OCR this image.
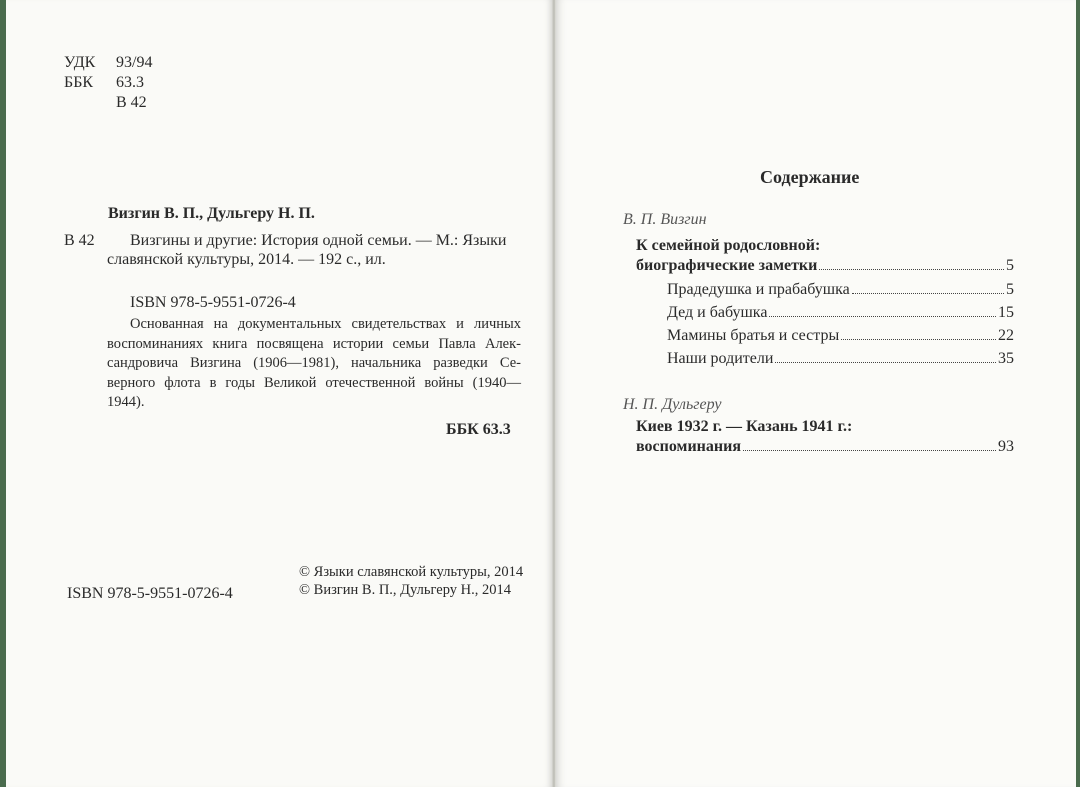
УДК 93/94
ББК 63.3
В 42
Визгин В. П., Дульгеру Н. П.
В 42 Визгины и другие: История одной семьи. — М.: Языки
славянской культуры, 2014. — 192 с., ил.
ISBN 978-5-9551-0726-4
Основанная на документальных свидетельствах и личных
воспоминаниях книга посвящена истории семьи Павла Алек-
сандровича Визгина (1906—1981), начальника разведки Се-
верного флота в годы Великой отечественной войны (1940—
1944).
ББК 63.3
ISBN 978-5-9551-0726-4
© Языки славянской культуры, 2014
© Визгин В. П., Дульгеру Н., 2014
Содержание
В. П. Визгин
К семейной родословной:
биографические заметки	5
Прадедушка и прабабушка	5
Дед и бабушка	15
Мамины братья и сестры	22
Наши родители	35
Н. П. Дульгеру
Киев 1932 г. — Казань 1941 г.:
воспоминания	93
